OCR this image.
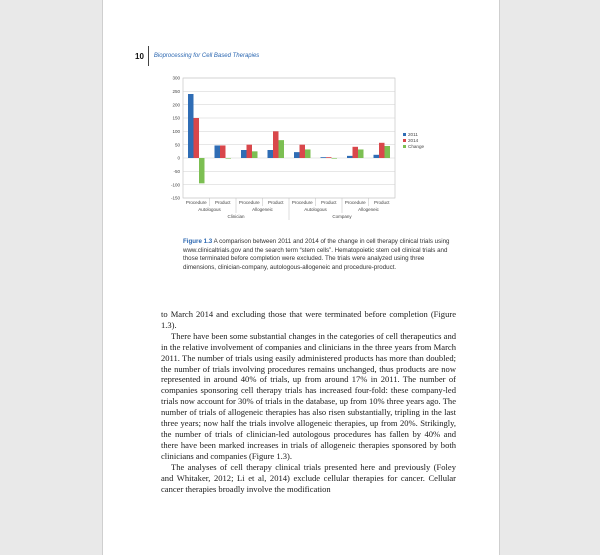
10 Bioprocessing for Cell Based Therapies
-150
-100
-50
0
50
100
150
200
250
300
Procedure Product Procedure Product Procedure Product Procedure Product
Autologous	Allogeneic	Autologous	Allogeneic
Clinician	Company
2011
2014
Change
Figure 1.3 A comparison between 2011 and 2014 of the change in cell therapy clinical trials using www.clinicaltrials.gov and the search term “stem cells”. Hematopoietic stem cell clinical trials and those terminated before completion were excluded. The trials were analyzed using three dimensions, clinician-company, autologous-allogeneic and procedure-product.

to March 2014 and excluding those that were terminated before completion (Figure 1.3).

There have been some substantial changes in the categories of cell therapeutics and in the relative involvement of companies and clinicians in the three years from March 2011. The number of trials using easily administered products has more than doubled; the number of trials involving procedures remains unchanged, thus products are now represented in around 40% of trials, up from around 17% in 2011. The number of companies sponsoring cell therapy trials has increased four-fold: these company-led trials now account for 30% of trials in the database, up from 10% three years ago. The number of trials of allogeneic therapies has also risen substantially, tripling in the last three years; now half the trials involve allogeneic therapies, up from 20%. Strikingly, the number of trials of clinician-led autologous procedures has fallen by 40% and there have been marked increases in trials of allogeneic therapies sponsored by both clinicians and companies (Figure 1.3).

The analyses of cell therapy clinical trials presented here and previously (Foley and Whitaker, 2012; Li et al, 2014) exclude cellular therapies for cancer. Cellular cancer therapies broadly involve the modification
